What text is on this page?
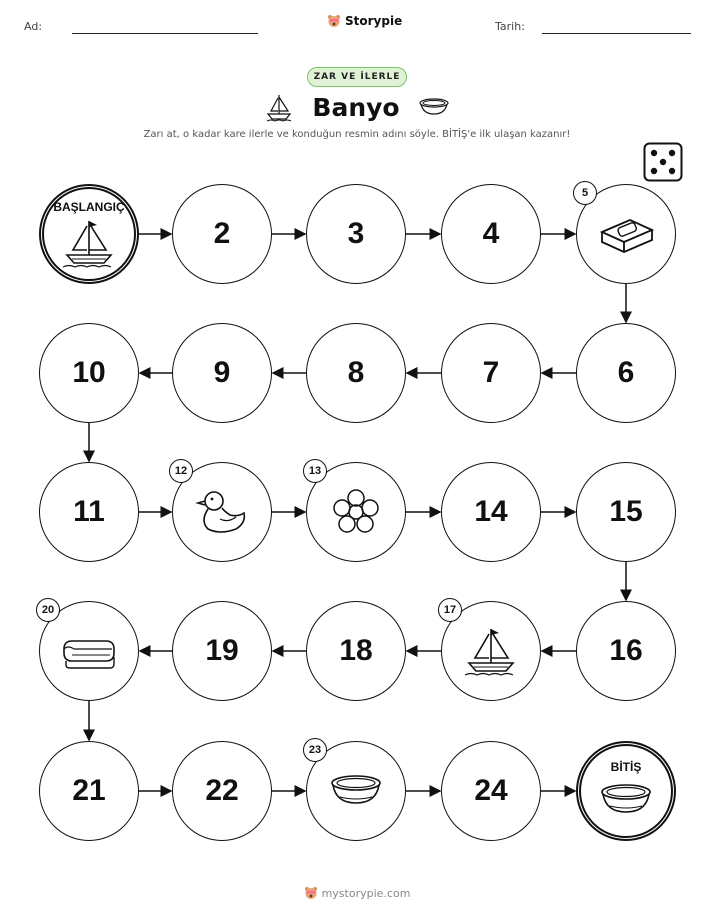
Ad:	Storypie	Tarih:
ZAR VE İLERLE
Banyo
Zarı at, o kadar kare ilerle ve konduğun resmin adını söyle. BİTİŞ'e ilk ulaşan kazanır!
BAŞLANGIÇ
2	3	4
5
6
7
8
9
10
11
12	13
14	15
16
17
18
19
20
21	22
23
24
BİTİŞ
mystorypie.com
